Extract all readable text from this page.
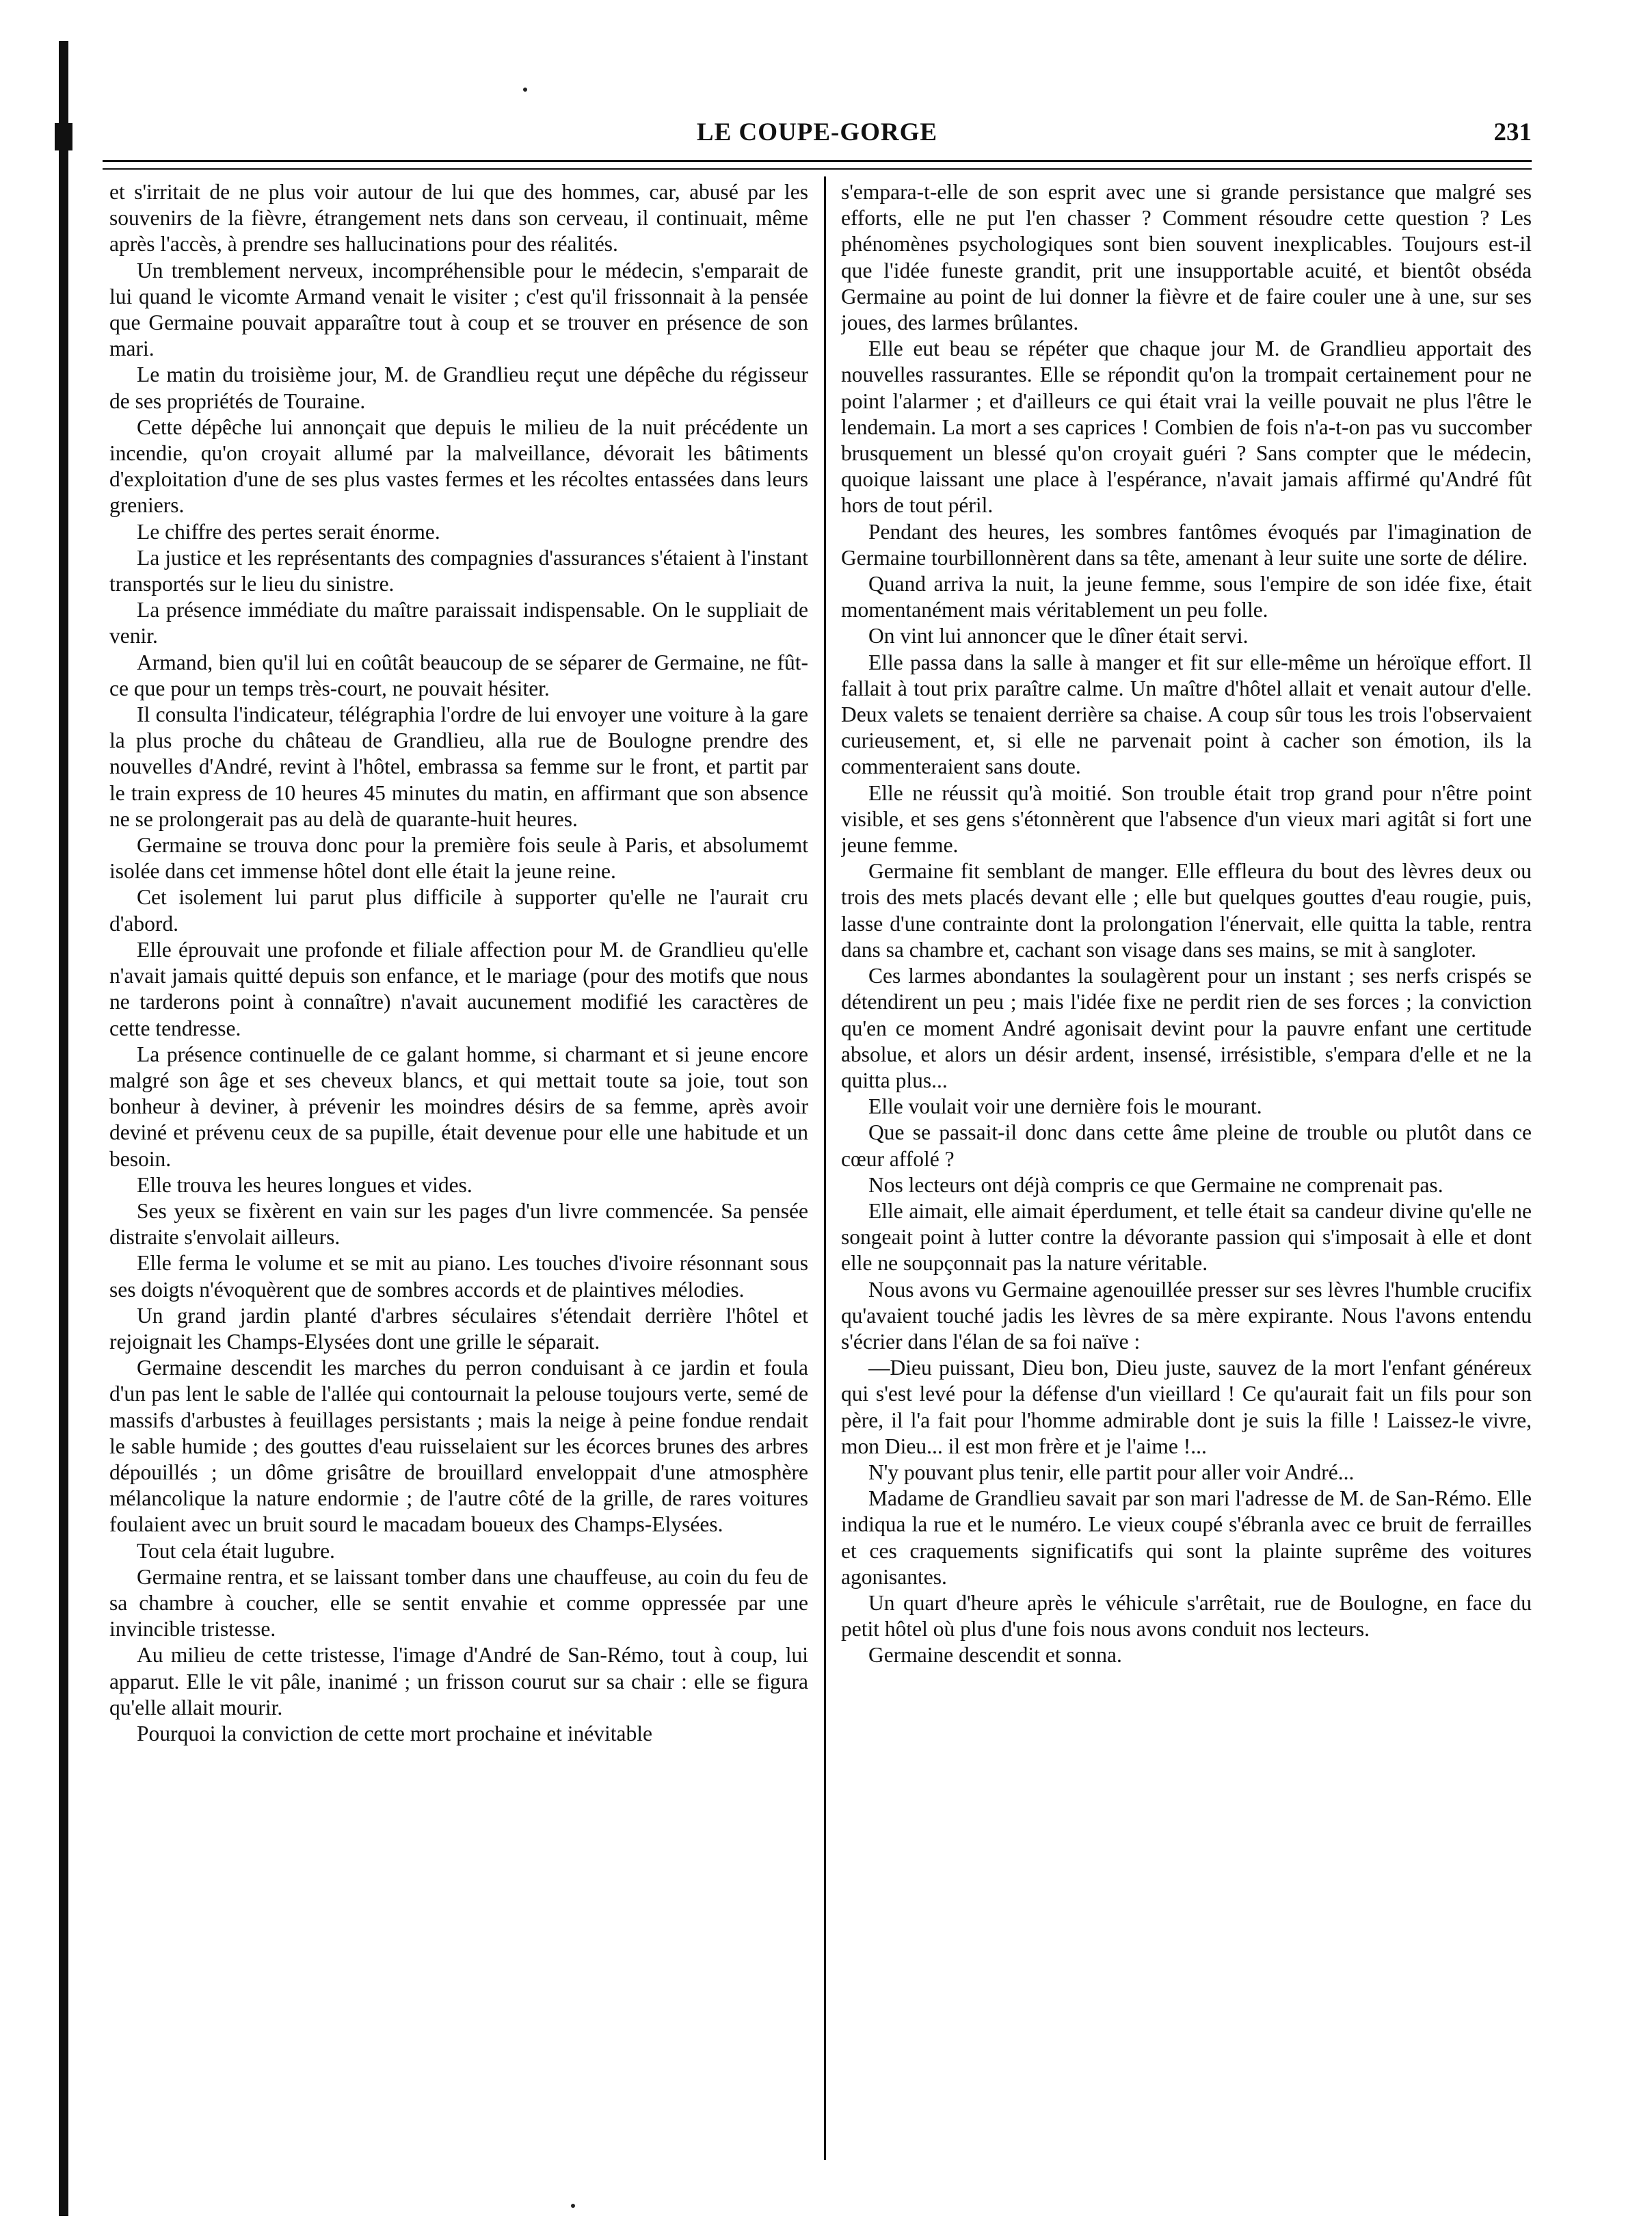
LE COUPE-GORGE	231

et s'irritait de ne plus voir autour de lui que des hommes, car, abusé par les souvenirs de la fièvre, étrangement nets dans son cerveau, il continuait, même après l'accès, à prendre ses hallucinations pour des réalités.

Un tremblement nerveux, incompréhensible pour le médecin, s'emparait de lui quand le vicomte Armand venait le visiter ; c'est qu'il frissonnait à la pensée que Germaine pouvait apparaître tout à coup et se trouver en présence de son mari.

Le matin du troisième jour, M. de Grandlieu reçut une dépêche du régisseur de ses propriétés de Touraine.

Cette dépêche lui annonçait que depuis le milieu de la nuit précédente un incendie, qu'on croyait allumé par la malveillance, dévorait les bâtiments d'exploitation d'une de ses plus vastes fermes et les récoltes entassées dans leurs greniers.

Le chiffre des pertes serait énorme.

La justice et les représentants des compagnies d'assurances s'étaient à l'instant transportés sur le lieu du sinistre.

La présence immédiate du maître paraissait indispensable. On le suppliait de venir.

Armand, bien qu'il lui en coûtât beaucoup de se séparer de Germaine, ne fût-ce que pour un temps très-court, ne pouvait hésiter.

Il consulta l'indicateur, télégraphia l'ordre de lui envoyer une voiture à la gare la plus proche du château de Grandlieu, alla rue de Boulogne prendre des nouvelles d'André, revint à l'hôtel, embrassa sa femme sur le front, et partit par le train express de 10 heures 45 minutes du matin, en affirmant que son absence ne se prolongerait pas au delà de quarante-huit heures.

Germaine se trouva donc pour la première fois seule à Paris, et absolumemt isolée dans cet immense hôtel dont elle était la jeune reine.

Cet isolement lui parut plus difficile à supporter qu'elle ne l'aurait cru d'abord.

Elle éprouvait une profonde et filiale affection pour M. de Grandlieu qu'elle n'avait jamais quitté depuis son enfance, et le mariage (pour des motifs que nous ne tarderons point à connaître) n'avait aucunement modifié les caractères de cette tendresse.

La présence continuelle de ce galant homme, si charmant et si jeune encore malgré son âge et ses cheveux blancs, et qui mettait toute sa joie, tout son bonheur à deviner, à prévenir les moindres désirs de sa femme, après avoir deviné et prévenu ceux de sa pupille, était devenue pour elle une habitude et un besoin.

Elle trouva les heures longues et vides.

Ses yeux se fixèrent en vain sur les pages d'un livre commencée. Sa pensée distraite s'envolait ailleurs.

Elle ferma le volume et se mit au piano. Les touches d'ivoire résonnant sous ses doigts n'évoquèrent que de sombres accords et de plaintives mélodies.

Un grand jardin planté d'arbres séculaires s'étendait derrière l'hôtel et rejoignait les Champs-Elysées dont une grille le séparait.

Germaine descendit les marches du perron conduisant à ce jardin et foula d'un pas lent le sable de l'allée qui contournait la pelouse toujours verte, semé de massifs d'arbustes à feuillages persistants ; mais la neige à peine fondue rendait le sable humide ; des gouttes d'eau ruisselaient sur les écorces brunes des arbres dépouillés ; un dôme grisâtre de brouillard enveloppait d'une atmosphère mélancolique la nature endormie ; de l'autre côté de la grille, de rares voitures foulaient avec un bruit sourd le macadam boueux des Champs-Elysées.

Tout cela était lugubre.

Germaine rentra, et se laissant tomber dans une chauffeuse, au coin du feu de sa chambre à coucher, elle se sentit envahie et comme oppressée par une invincible tristesse.

Au milieu de cette tristesse, l'image d'André de San-Rémo, tout à coup, lui apparut. Elle le vit pâle, inanimé ; un frisson courut sur sa chair : elle se figura qu'elle allait mourir.

Pourquoi la conviction de cette mort prochaine et inévitable

s'empara-t-elle de son esprit avec une si grande persistance que malgré ses efforts, elle ne put l'en chasser ? Comment résoudre cette question ? Les phénomènes psychologiques sont bien souvent inexplicables. Toujours est-il que l'idée funeste grandit, prit une insupportable acuité, et bientôt obséda Germaine au point de lui donner la fièvre et de faire couler une à une, sur ses joues, des larmes brûlantes.

Elle eut beau se répéter que chaque jour M. de Grandlieu apportait des nouvelles rassurantes. Elle se répondit qu'on la trompait certainement pour ne point l'alarmer ; et d'ailleurs ce qui était vrai la veille pouvait ne plus l'être le lendemain. La mort a ses caprices ! Combien de fois n'a-t-on pas vu succomber brusquement un blessé qu'on croyait guéri ? Sans compter que le médecin, quoique laissant une place à l'espérance, n'avait jamais affirmé qu'André fût hors de tout péril.

Pendant des heures, les sombres fantômes évoqués par l'imagination de Germaine tourbillonnèrent dans sa tête, amenant à leur suite une sorte de délire.

Quand arriva la nuit, la jeune femme, sous l'empire de son idée fixe, était momentanément mais véritablement un peu folle.

On vint lui annoncer que le dîner était servi.

Elle passa dans la salle à manger et fit sur elle-même un héroïque effort. Il fallait à tout prix paraître calme. Un maître d'hôtel allait et venait autour d'elle. Deux valets se tenaient derrière sa chaise. A coup sûr tous les trois l'observaient curieusement, et, si elle ne parvenait point à cacher son émotion, ils la commenteraient sans doute.

Elle ne réussit qu'à moitié. Son trouble était trop grand pour n'être point visible, et ses gens s'étonnèrent que l'absence d'un vieux mari agitât si fort une jeune femme.

Germaine fit semblant de manger. Elle effleura du bout des lèvres deux ou trois des mets placés devant elle ; elle but quelques gouttes d'eau rougie, puis, lasse d'une contrainte dont la prolongation l'énervait, elle quitta la table, rentra dans sa chambre et, cachant son visage dans ses mains, se mit à sangloter.

Ces larmes abondantes la soulagèrent pour un instant ; ses nerfs crispés se détendirent un peu ; mais l'idée fixe ne perdit rien de ses forces ; la conviction qu'en ce moment André agonisait devint pour la pauvre enfant une certitude absolue, et alors un désir ardent, insensé, irrésistible, s'empara d'elle et ne la quitta plus...

Elle voulait voir une dernière fois le mourant.

Que se passait-il donc dans cette âme pleine de trouble ou plutôt dans ce cœur affolé ?

Nos lecteurs ont déjà compris ce que Germaine ne comprenait pas.

Elle aimait, elle aimait éperdument, et telle était sa candeur divine qu'elle ne songeait point à lutter contre la dévorante passion qui s'imposait à elle et dont elle ne soupçonnait pas la nature véritable.

Nous avons vu Germaine agenouillée presser sur ses lèvres l'humble crucifix qu'avaient touché jadis les lèvres de sa mère expirante. Nous l'avons entendu s'écrier dans l'élan de sa foi naïve :

—Dieu puissant, Dieu bon, Dieu juste, sauvez de la mort l'enfant généreux qui s'est levé pour la défense d'un vieillard ! Ce qu'aurait fait un fils pour son père, il l'a fait pour l'homme admirable dont je suis la fille ! Laissez-le vivre, mon Dieu... il est mon frère et je l'aime !...

N'y pouvant plus tenir, elle partit pour aller voir André...

Madame de Grandlieu savait par son mari l'adresse de M. de San-Rémo. Elle indiqua la rue et le numéro. Le vieux coupé s'ébranla avec ce bruit de ferrailles et ces craquements significatifs qui sont la plainte suprême des voitures agonisantes.

Un quart d'heure après le véhicule s'arrêtait, rue de Boulogne, en face du petit hôtel où plus d'une fois nous avons conduit nos lecteurs.

Germaine descendit et sonna.
